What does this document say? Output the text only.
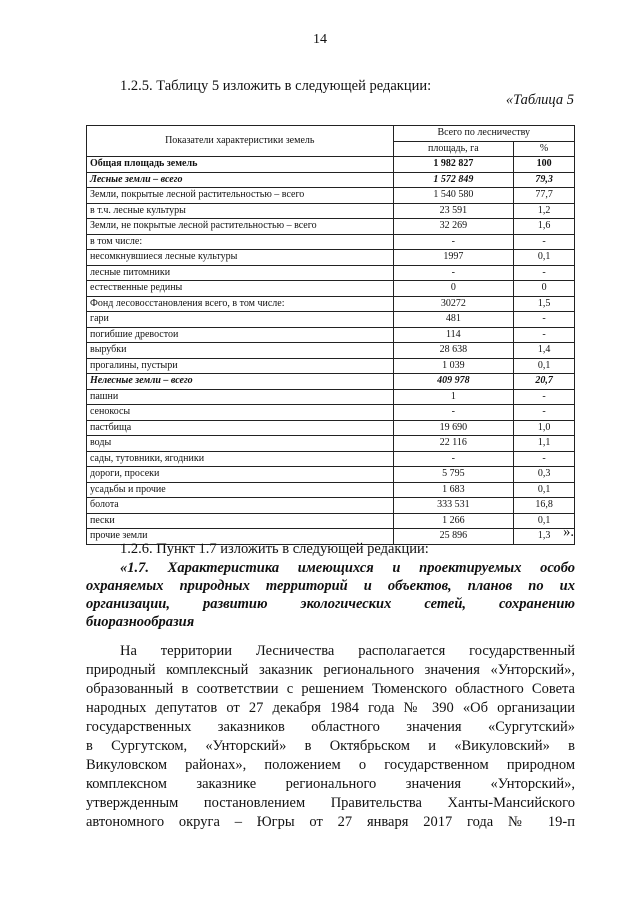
14
1.2.5. Таблицу 5 изложить в следующей редакции:
«Таблица 5
Показатели характеристики земель	Всего по лесничеству	
	площадь, га	%
Общая площадь земель	1 982 827	100
Лесные земли – всего	1 572 849	79,3
Земли, покрытые лесной растительностью – всего	1 540 580	77,7
в т.ч. лесные культуры	23 591	1,2
Земли, не покрытые лесной растительностью – всего	32 269	1,6
в том числе:	-	-
несомкнувшиеся лесные культуры	1997	0,1
лесные питомники	-	-
естественные редины	0	0
Фонд лесовосстановления всего, в том числе:	30272	1,5
гари	481	-
погибшие древостои	114	-
вырубки	28 638	1,4
прогалины, пустыри	1 039	0,1
Нелесные земли – всего	409 978	20,7
пашни	1	-
сенокосы	-	-
пастбища	19 690	1,0
воды	22 116	1,1
сады, тутовники, ягодники	-	-
дороги, просеки	5 795	0,3
усадьбы и прочие	1 683	0,1
болота	333 531	16,8
пески	1 266	0,1
прочие земли	25 896	1,3 ».
1.2.6. Пункт 1.7 изложить в следующей редакции:
«1.7. Характеристика имеющихся и проектируемых особо
охраняемых природных территорий и объектов, планов по их
организации, развитию экологических сетей, сохранению
биоразнообразия
На территории Лесничества располагается государственный
природный комплексный заказник регионального значения «Унторский»,
образованный в соответствии с решением Тюменского областного Совета
народных депутатов от 27 декабря 1984 года № 390 «Об организации
государственных заказников областного значения «Сургутский»
в Сургутском, «Унторский» в Октябрьском и «Викуловский» в
Викуловском районах», положением о государственном природном
комплексном заказнике регионального значения «Унторский»,
утвержденным постановлением Правительства Ханты-Мансийского
автономного округа – Югры от 27 января 2017 года № 19-п
